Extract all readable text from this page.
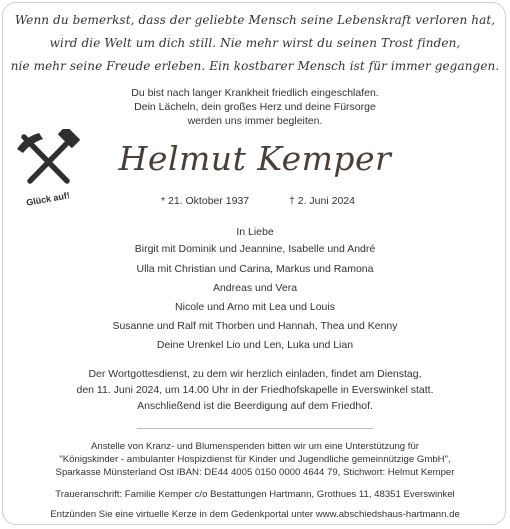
Wenn du bemerkst, dass der geliebte Mensch seine Lebenskraft verloren hat,
wird die Welt um dich still. Nie mehr wirst du seinen Trost finden,
nie mehr seine Freude erleben. Ein kostbarer Mensch ist für immer gegangen.
Du bist nach langer Krankheit friedlich eingeschlafen.
Dein Lächeln, dein großes Herz und deine Fürsorge
werden uns immer begleiten.
Glück auf!
Helmut Kemper
* 21. Oktober 1937	† 2. Juni 2024
In Liebe
Birgit mit Dominik und Jeannine, Isabelle und André
Ulla mit Christian und Carina, Markus und Ramona
Andreas und Vera
Nicole und Arno mit Lea und Louis
Susanne und Ralf mit Thorben und Hannah, Thea und Kenny
Deine Urenkel Lio und Len, Luka und Lian
Der Wortgottesdienst, zu dem wir herzlich einladen, findet am Dienstag,
den 11. Juni 2024, um 14.00 Uhr in der Friedhofskapelle in Everswinkel statt.
Anschließend ist die Beerdigung auf dem Friedhof.
Anstelle von Kranz- und Blumenspenden bitten wir um eine Unterstützung für
"Königskinder - ambulanter Hospizdienst für Kinder und Jugendliche gemeinnützige GmbH",
Sparkasse Münsterland Ost IBAN: DE44 4005 0150 0000 4644 79, Stichwort: Helmut Kemper
Traueranschrift: Familie Kemper c/o Bestattungen Hartmann, Grothues 11, 48351 Everswinkel
Entzünden Sie eine virtuelle Kerze in dem Gedenkportal unter www.abschiedshaus-hartmann.de
